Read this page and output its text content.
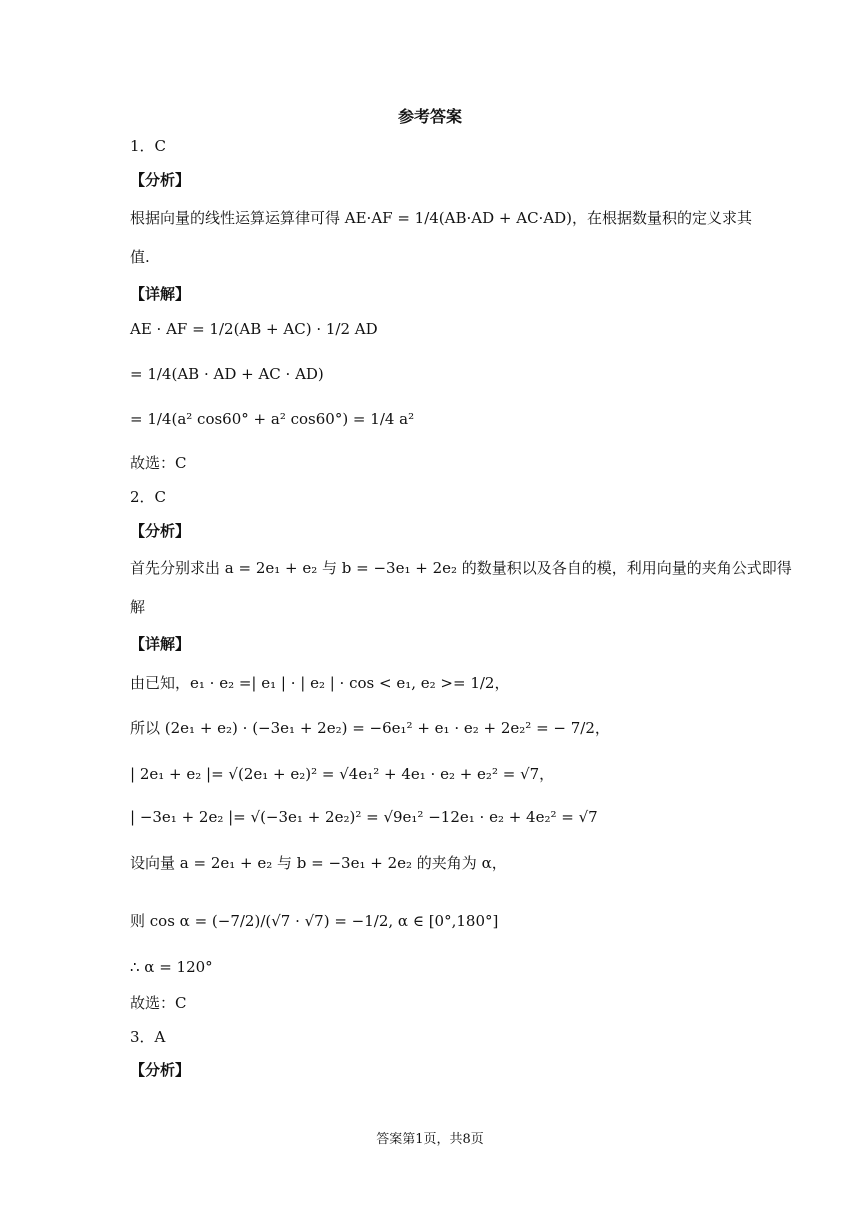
参考答案
1．C
【分析】
根据向量的线性运算运算律可得 AE·AF = 1/4(AB·AD + AC·AD)，在根据数量积的定义求其
值.
【详解】
AE · AF = 1/2(AB + AC) · 1/2 AD
= 1/4(AB · AD + AC · AD)
= 1/4(a² cos60° + a² cos60°) = 1/4 a²
故选：C
2．C
【分析】
首先分别求出 a = 2e₁ + e₂ 与 b = −3e₁ + 2e₂ 的数量积以及各自的模，利用向量的夹角公式即得
解
【详解】
由已知，e₁ · e₂ =| e₁ | · | e₂ | · cos < e₁, e₂ >= 1/2，
所以 (2e₁ + e₂) · (−3e₁ + 2e₂) = −6e₁² + e₁ · e₂ + 2e₂² = − 7/2，
| 2e₁ + e₂ |= √(2e₁ + e₂)² = √4e₁² + 4e₁ · e₂ + e₂² = √7，
| −3e₁ + 2e₂ |= √(−3e₁ + 2e₂)² = √9e₁² −12e₁ · e₂ + 4e₂² = √7
设向量 a = 2e₁ + e₂ 与 b = −3e₁ + 2e₂ 的夹角为 α，
则 cos α = (−7/2)/(√7 · √7) = −1/2, α ∈ [0°,180°]
∴ α = 120°
故选：C
3．A
【分析】
答案第1页，共8页
